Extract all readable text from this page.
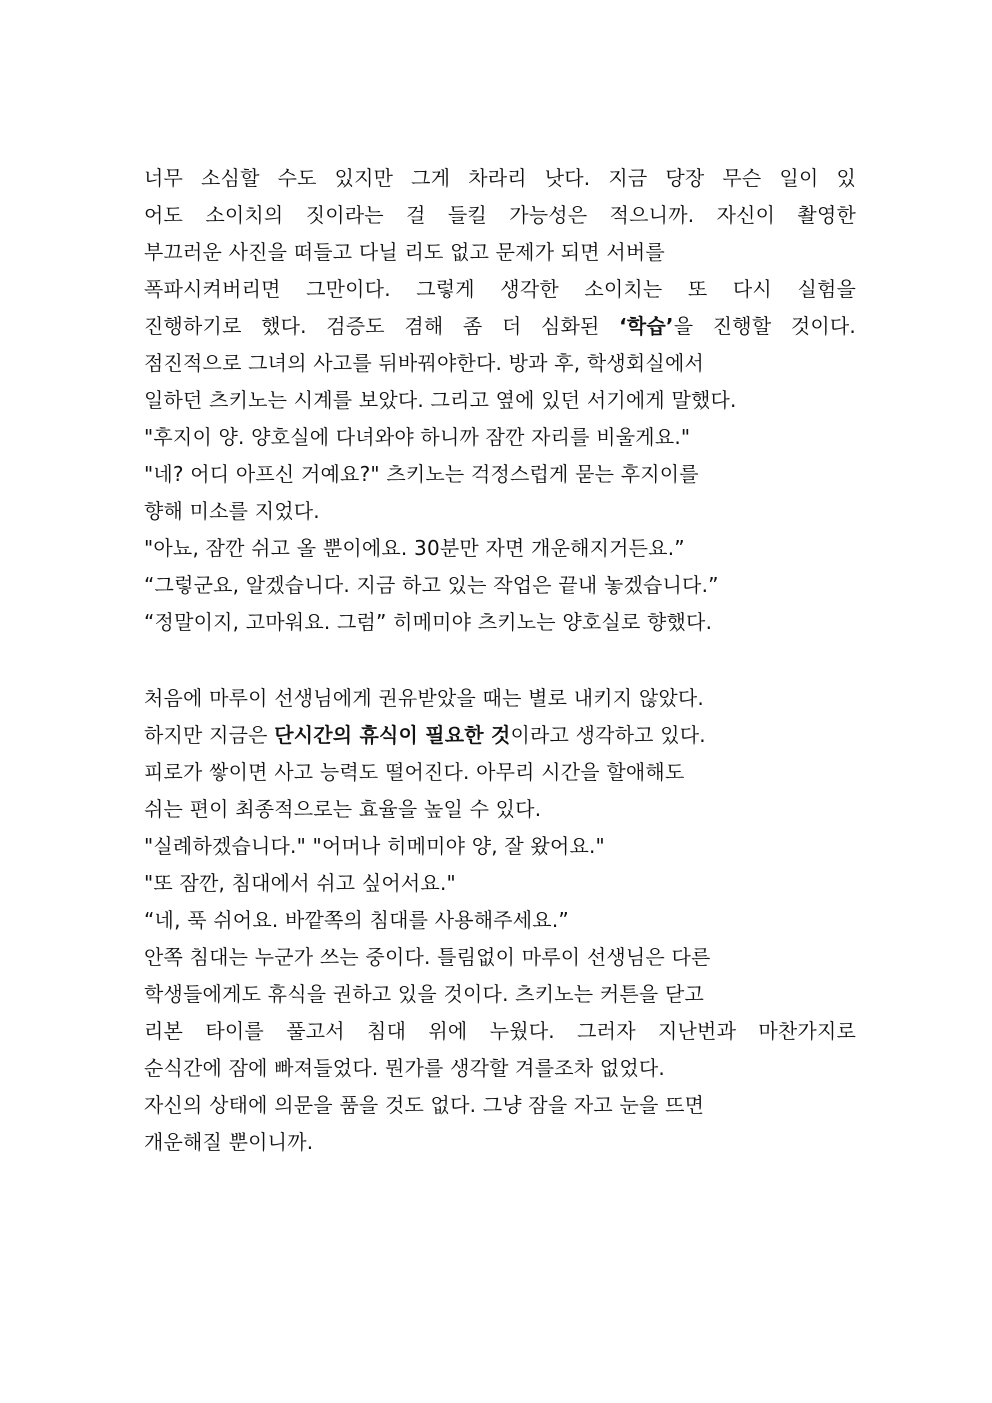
너무 소심할 수도 있지만 그게 차라리 낫다. 지금 당장 무슨 일이 있
어도 소이치의 짓이라는 걸 들킬 가능성은 적으니까. 자신이 촬영한
부끄러운 사진을 떠들고 다닐 리도 없고 문제가 되면 서버를
폭파시켜버리면 그만이다. 그렇게 생각한 소이치는 또 다시 실험을
진행하기로 했다. 검증도 겸해 좀 더 심화된 ‘학습’을 진행할 것이다.
점진적으로 그녀의 사고를 뒤바꿔야한다. 방과 후, 학생회실에서
일하던 츠키노는 시계를 보았다. 그리고 옆에 있던 서기에게 말했다.
"후지이 양. 양호실에 다녀와야 하니까 잠깐 자리를 비울게요."
"네? 어디 아프신 거예요?" 츠키노는 걱정스럽게 묻는 후지이를
향해 미소를 지었다.
"아뇨, 잠깐 쉬고 올 뿐이에요. 30분만 자면 개운해지거든요.”
“그렇군요, 알겠습니다. 지금 하고 있는 작업은 끝내 놓겠습니다.”
“정말이지, 고마워요. 그럼” 히메미야 츠키노는 양호실로 향했다.
처음에 마루이 선생님에게 권유받았을 때는 별로 내키지 않았다.
하지만 지금은 단시간의 휴식이 필요한 것이라고 생각하고 있다.
피로가 쌓이면 사고 능력도 떨어진다. 아무리 시간을 할애해도
쉬는 편이 최종적으로는 효율을 높일 수 있다.
"실례하겠습니다." "어머나 히메미야 양, 잘 왔어요."
"또 잠깐, 침대에서 쉬고 싶어서요."
“네, 푹 쉬어요. 바깥쪽의 침대를 사용해주세요.”
안쪽 침대는 누군가 쓰는 중이다. 틀림없이 마루이 선생님은 다른
학생들에게도 휴식을 권하고 있을 것이다. 츠키노는 커튼을 닫고
리본 타이를 풀고서 침대 위에 누웠다. 그러자 지난번과 마찬가지로
순식간에 잠에 빠져들었다. 뭔가를 생각할 겨를조차 없었다.
자신의 상태에 의문을 품을 것도 없다. 그냥 잠을 자고 눈을 뜨면
개운해질 뿐이니까.
